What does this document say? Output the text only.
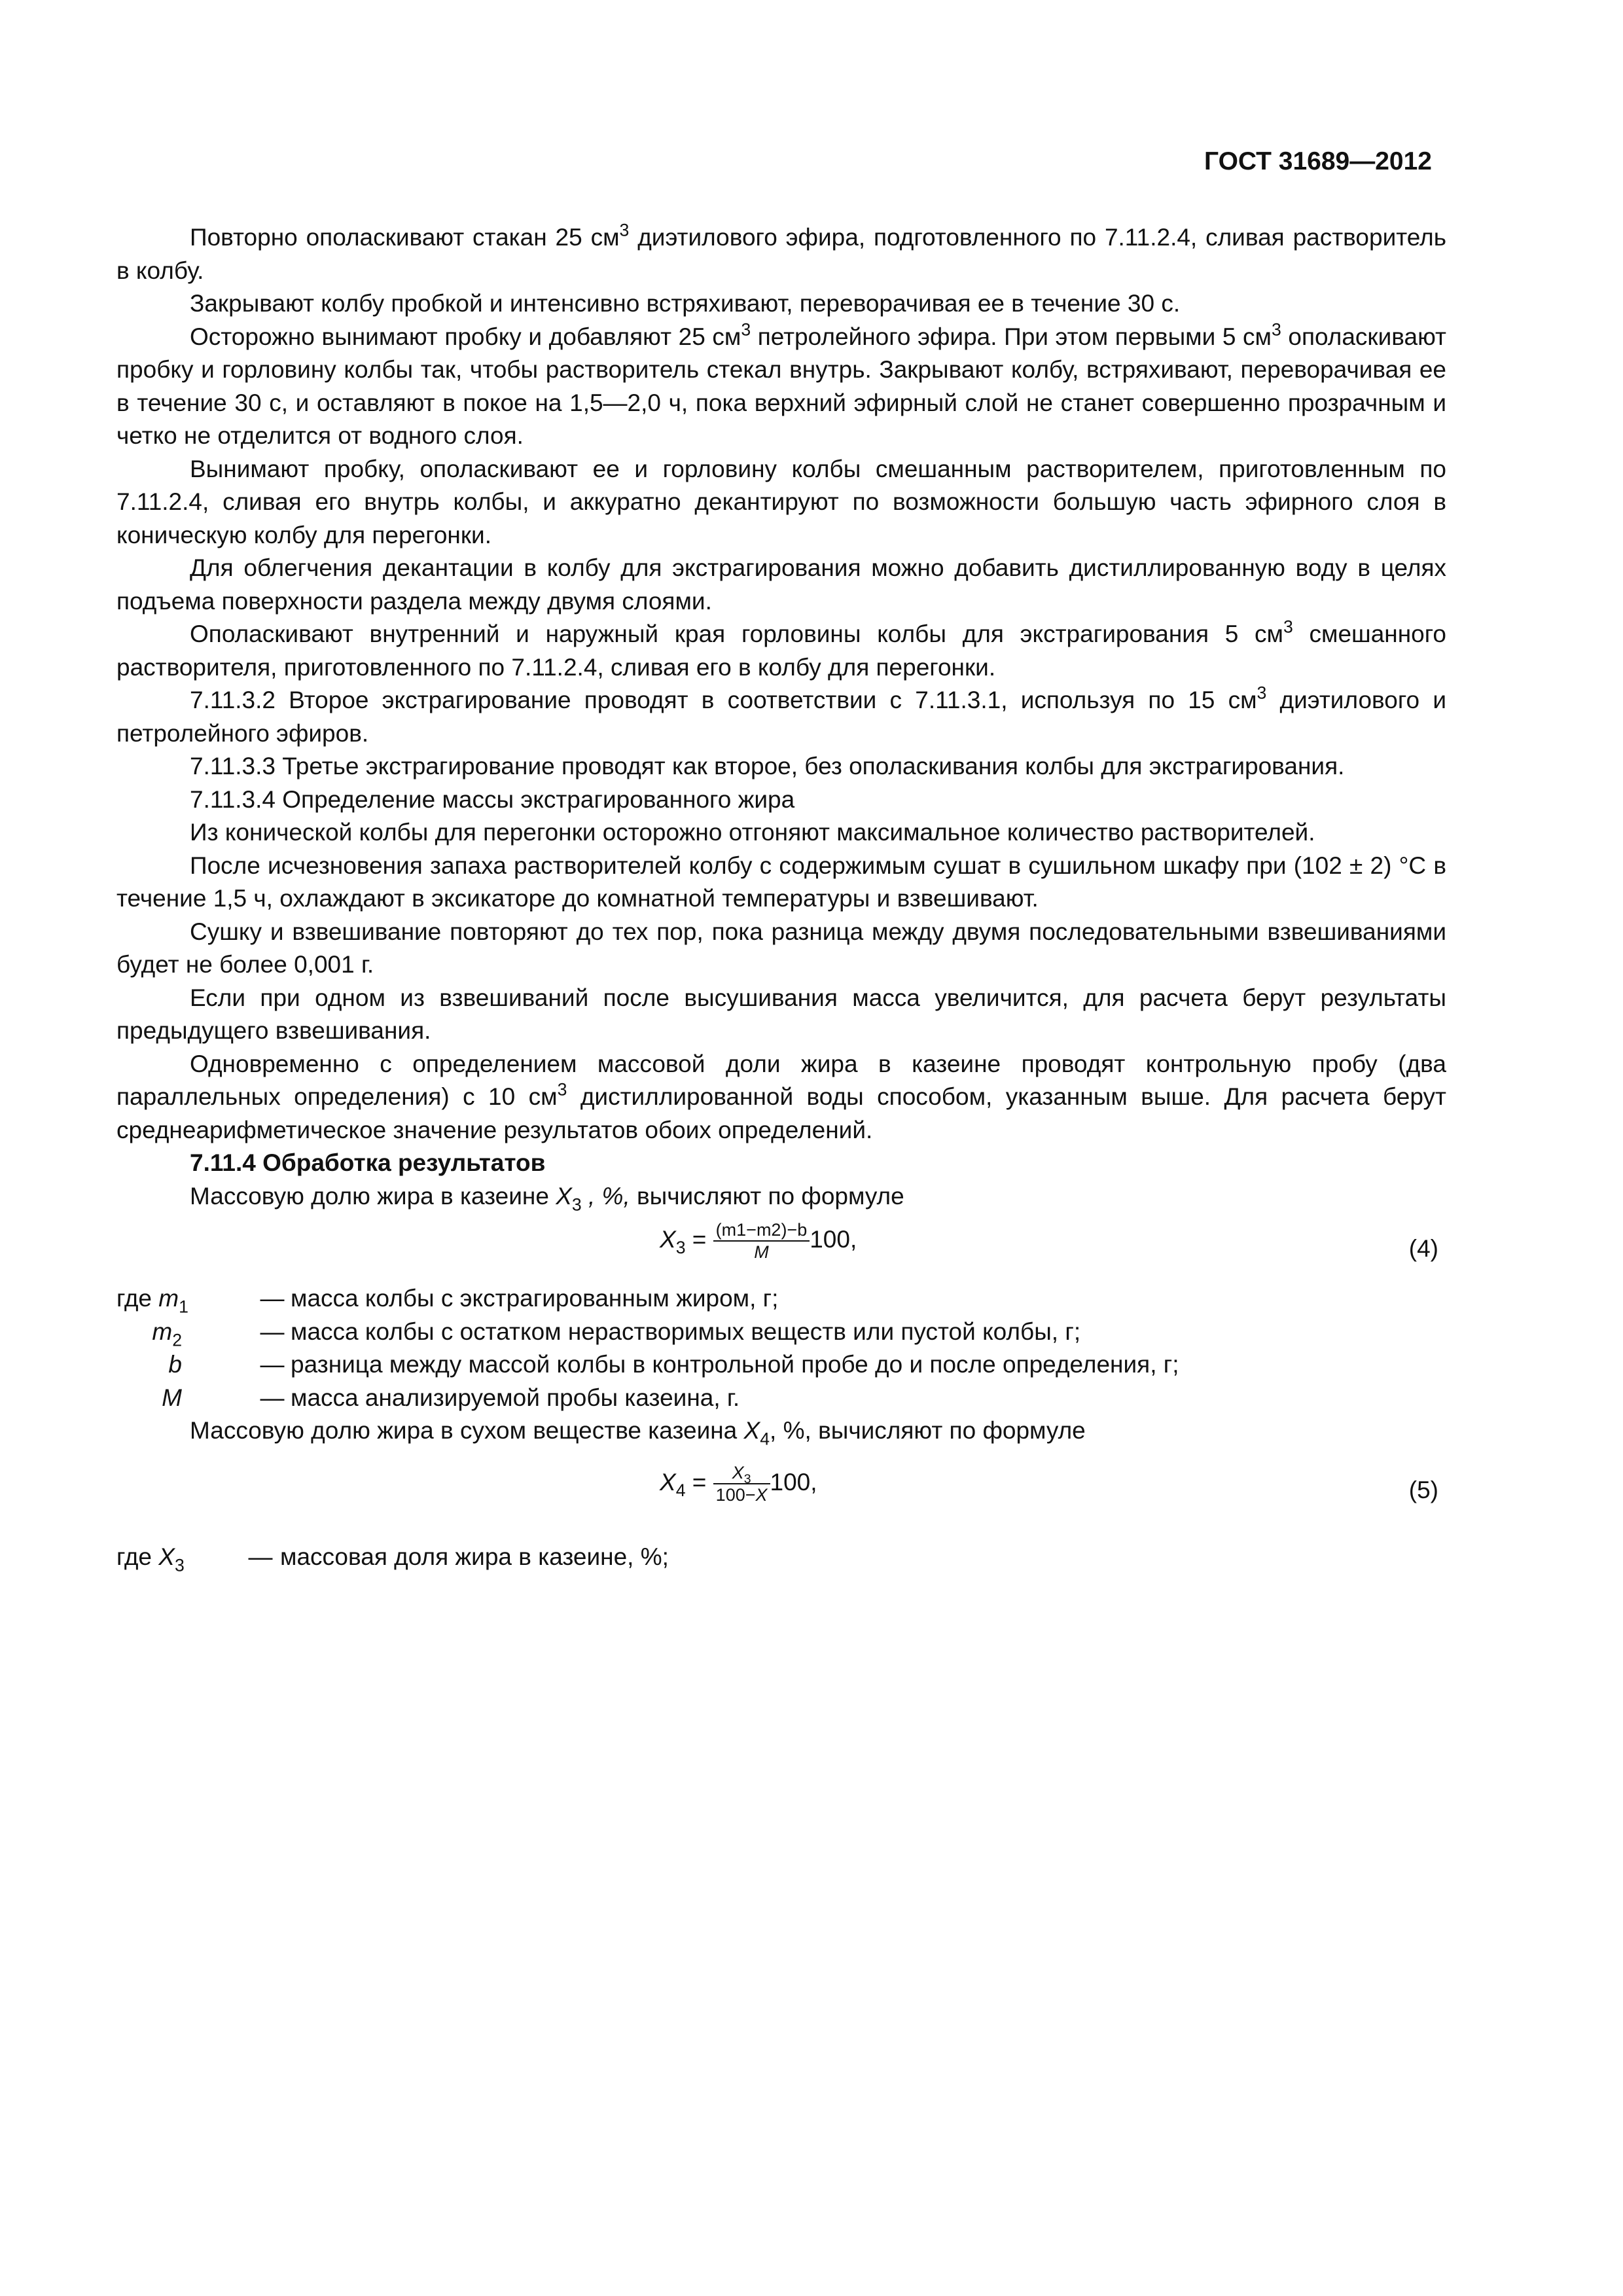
ГОСТ 31689—2012

Повторно ополаскивают стакан 25 $см^3$ диэтилового эфира, подготовленного по 7.11.2.4, сливая растворитель в колбу.

Закрывают колбу пробкой и интенсивно встряхивают, переворачивая ее в течение 30 с.

Осторожно вынимают пробку и добавляют 25 $см^3$ петролейного эфира. При этом первыми 5 $см^3$ ополаскивают пробку и горловину колбы так, чтобы растворитель стекал внутрь. Закрывают колбу, встряхивают, переворачивая ее в течение 30 с, и оставляют в покое на 1,5—2,0 ч, пока верхний эфирный слой не станет совершенно прозрачным и четко не отделится от водного слоя.

Вынимают пробку, ополаскивают ее и горловину колбы смешанным растворителем, приготовленным по 7.11.2.4, сливая его внутрь колбы, и аккуратно декантируют по возможности большую часть эфирного слоя в коническую колбу для перегонки.

Для облегчения декантации в колбу для экстрагирования можно добавить дистиллированную воду в целях подъема поверхности раздела между двумя слоями.

Ополаскивают внутренний и наружный края горловины колбы для экстрагирования 5 $см^3$ смешанного растворителя, приготовленного по 7.11.2.4, сливая его в колбу для перегонки.

7.11.3.2 Второе экстрагирование проводят в соответствии с 7.11.3.1, используя по 15 $см^3$ диэтилового и петролейного эфиров.

7.11.3.3 Третье экстрагирование проводят как второе, без ополаскивания колбы для экстрагирования.

7.11.3.4 Определение массы экстрагированного жира

Из конической колбы для перегонки осторожно отгоняют максимальное количество растворителей.

После исчезновения запаха растворителей колбу с содержимым сушат в сушильном шкафу при (102 ± 2) °С в течение 1,5 ч, охлаждают в эксикаторе до комнатной температуры и взвешивают.

Сушку и взвешивание повторяют до тех пор, пока разница между двумя последовательными взвешиваниями будет не более 0,001 г.

Если при одном из взвешиваний после высушивания масса увеличится, для расчета берут результаты предыдущего взвешивания.

Одновременно с определением массовой доли жира в казеине проводят контрольную пробу (два параллельных определения) с 10 $см^3$ дистиллированной воды способом, указанным выше. Для расчета берут среднеарифметическое значение результатов обоих определений.

7.11.4 Обработка результатов

Массовую долю жира в казеине $X_3$ , %, вычисляют по формуле

$X_3 = \frac{(m1-m2)-b}{M} 100$,	(4)
где $m_1$	— масса колбы с экстрагированным жиром, г;
$m_2$	— масса колбы с остатком нерастворимых веществ или пустой колбы, г;
b	— разница между массой колбы в контрольной пробе до и после определения, г;
M	— масса анализируемой пробы казеина, г.

Массовую долю жира в сухом веществе казеина $X_4$, %, вычисляют по формуле

$X_4 = \frac{X_3}{100-X} 100$,	(5)
где $X_3$	— массовая доля жира в казеине, %;
